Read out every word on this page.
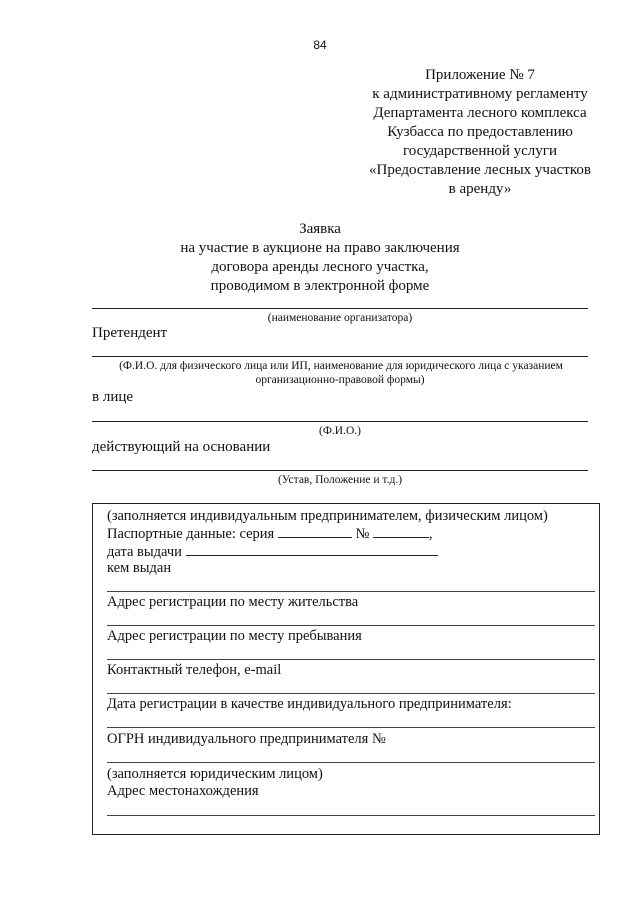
84
Приложение № 7
к административному регламенту
Департамента лесного комплекса
Кузбасса по предоставлению
государственной услуги
«Предоставление лесных участков
в аренду»
Заявка
на участие в аукционе на право заключения
договора аренды лесного участка,
проводимом в электронной форме
(наименование организатора)
Претендент
(Ф.И.О. для физического лица или ИП, наименование для юридического лица с указанием
организационно-правовой формы)
в лице
(Ф.И.О.)
действующий на основании
(Устав, Положение и т.д.)
(заполняется индивидуальным предпринимателем, физическим лицом)
Паспортные данные: серия	№	,
дата выдачи
кем выдан
Адрес регистрации по месту жительства
Адрес регистрации по месту пребывания
Контактный телефон, e-mail
Дата регистрации в качестве индивидуального предпринимателя:
ОГРН индивидуального предпринимателя №
(заполняется юридическим лицом)
Адрес местонахождения
